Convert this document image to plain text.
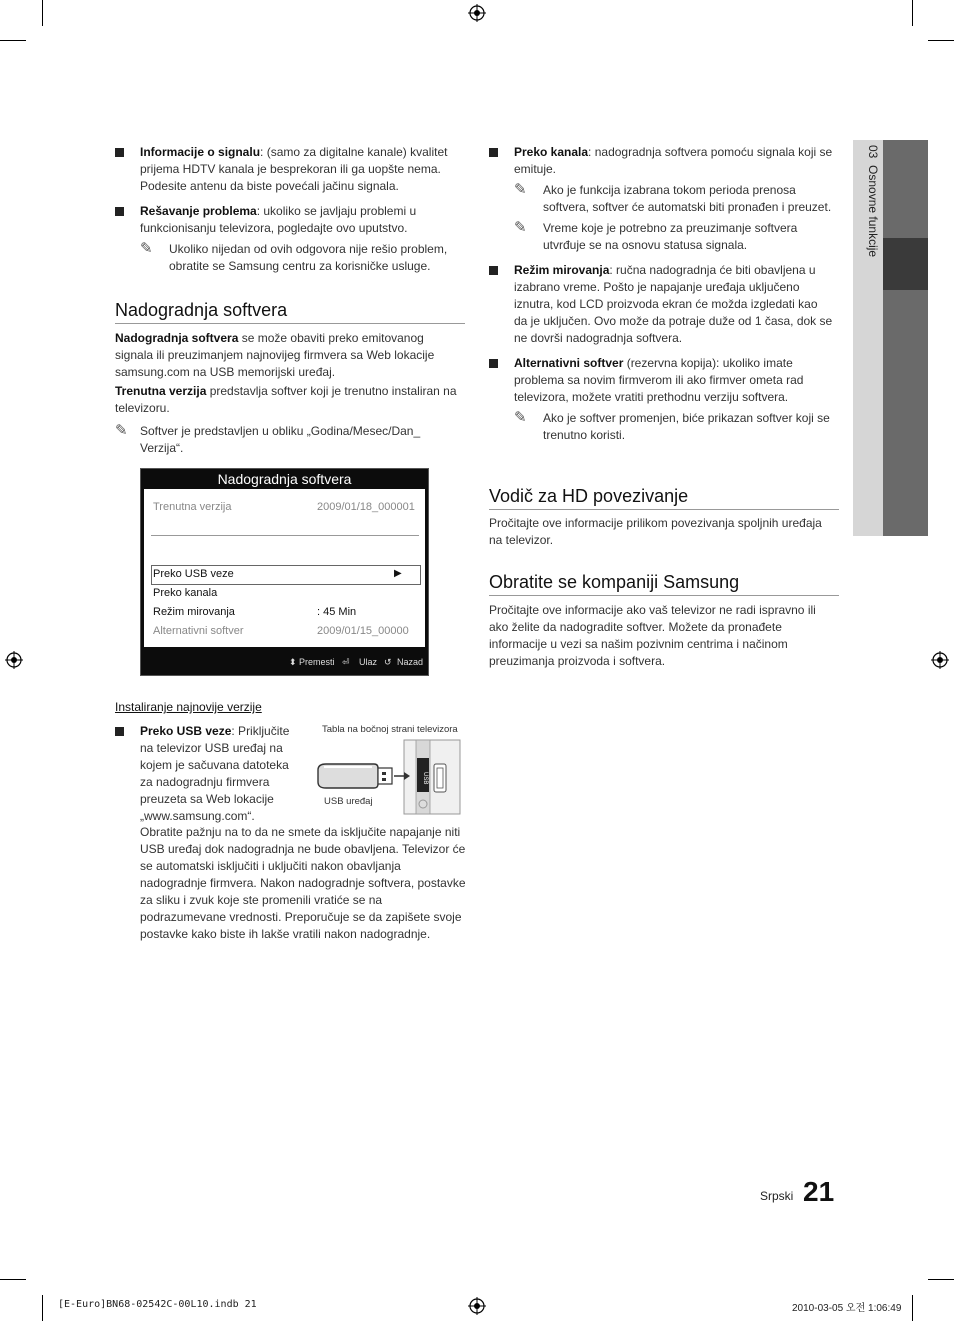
03  Osnovne funkcije
Informacije o signalu: (samo za digitalne kanale) kvalitet prijema HDTV kanala je besprekoran ili ga uopšte nema. Podesite antenu da biste povećali jačinu signala.
Rešavanje problema: ukoliko se javljaju problemi u funkcionisanju televizora, pogledajte ovo uputstvo.
✎ Ukoliko nijedan od ovih odgovora nije rešio problem, obratite se Samsung centru za korisničke usluge.
Nadogradnja softvera

Nadogradnja softvera se može obaviti preko emitovanog signala ili preuzimanjem najnovijeg firmvera sa Web lokacije samsung.com na USB memorijski uređaj.

Trenutna verzija predstavlja softver koji je trenutno instaliran na televizoru.

✎ Softver je predstavljen u obliku „Godina/Mesec/Dan_ Verzija“.
Nadogradnja softvera
Trenutna verzija	2009/01/18_000001
Preko USB veze	▶
Preko kanala
Režim mirovanja	: 45 Min
Alternativni softver	2009/01/15_00000
⬍ Premesti ⏎ Ulaz ↺ Nazad
Instaliranje najnovije verzije
Preko USB veze: Priključite na televizor USB uređaj na kojem je sačuvana datoteka za nadogradnju firmvera preuzeta sa Web lokacije „www.samsung.com“.
Tabla na bočnoj strani televizora
USB uređaj
USB
Obratite pažnju na to da ne smete da isključite napajanje niti USB uređaj dok nadogradnja ne bude obavljena. Televizor će se automatski isključiti i uključiti nakon obavljanja nadogradnje firmvera. Nakon nadogradnje softvera, postavke za sliku i zvuk koje ste promenili vratiće se na podrazumevane vrednosti. Preporučuje se da zapišete svoje postavke kako biste ih lakše vratili nakon nadogradnje.
Preko kanala: nadogradnja softvera pomoću signala koji se emituje.
✎ Ako je funkcija izabrana tokom perioda prenosa softvera, softver će automatski biti pronađen i preuzet.
✎ Vreme koje je potrebno za preuzimanje softvera utvrđuje se na osnovu statusa signala.
Režim mirovanja: ručna nadogradnja će biti obavljena u izabrano vreme. Pošto je napajanje uređaja uključeno iznutra, kod LCD proizvoda ekran će možda izgledati kao da je uključen. Ovo može da potraje duže od 1 časa, dok se ne dovrši nadogradnja softvera.
Alternativni softver (rezervna kopija): ukoliko imate problema sa novim firmverom ili ako firmver ometa rad televizora, možete vratiti prethodnu verziju softvera.
✎ Ako je softver promenjen, biće prikazan softver koji se trenutno koristi.
Vodič za HD povezivanje
Pročitajte ove informacije prilikom povezivanja spoljnih uređaja na televizor.
Obratite se kompaniji Samsung
Pročitajte ove informacije ako vaš televizor ne radi ispravno ili ako želite da nadogradite softver. Možete da pronađete informacije u vezi sa našim pozivnim centrima i načinom preuzimanja proizvoda i softvera.
Srpski 21
[E-Euro]BN68-02542C-00L10.indb 21	2010-03-05 오전 1:06:49
